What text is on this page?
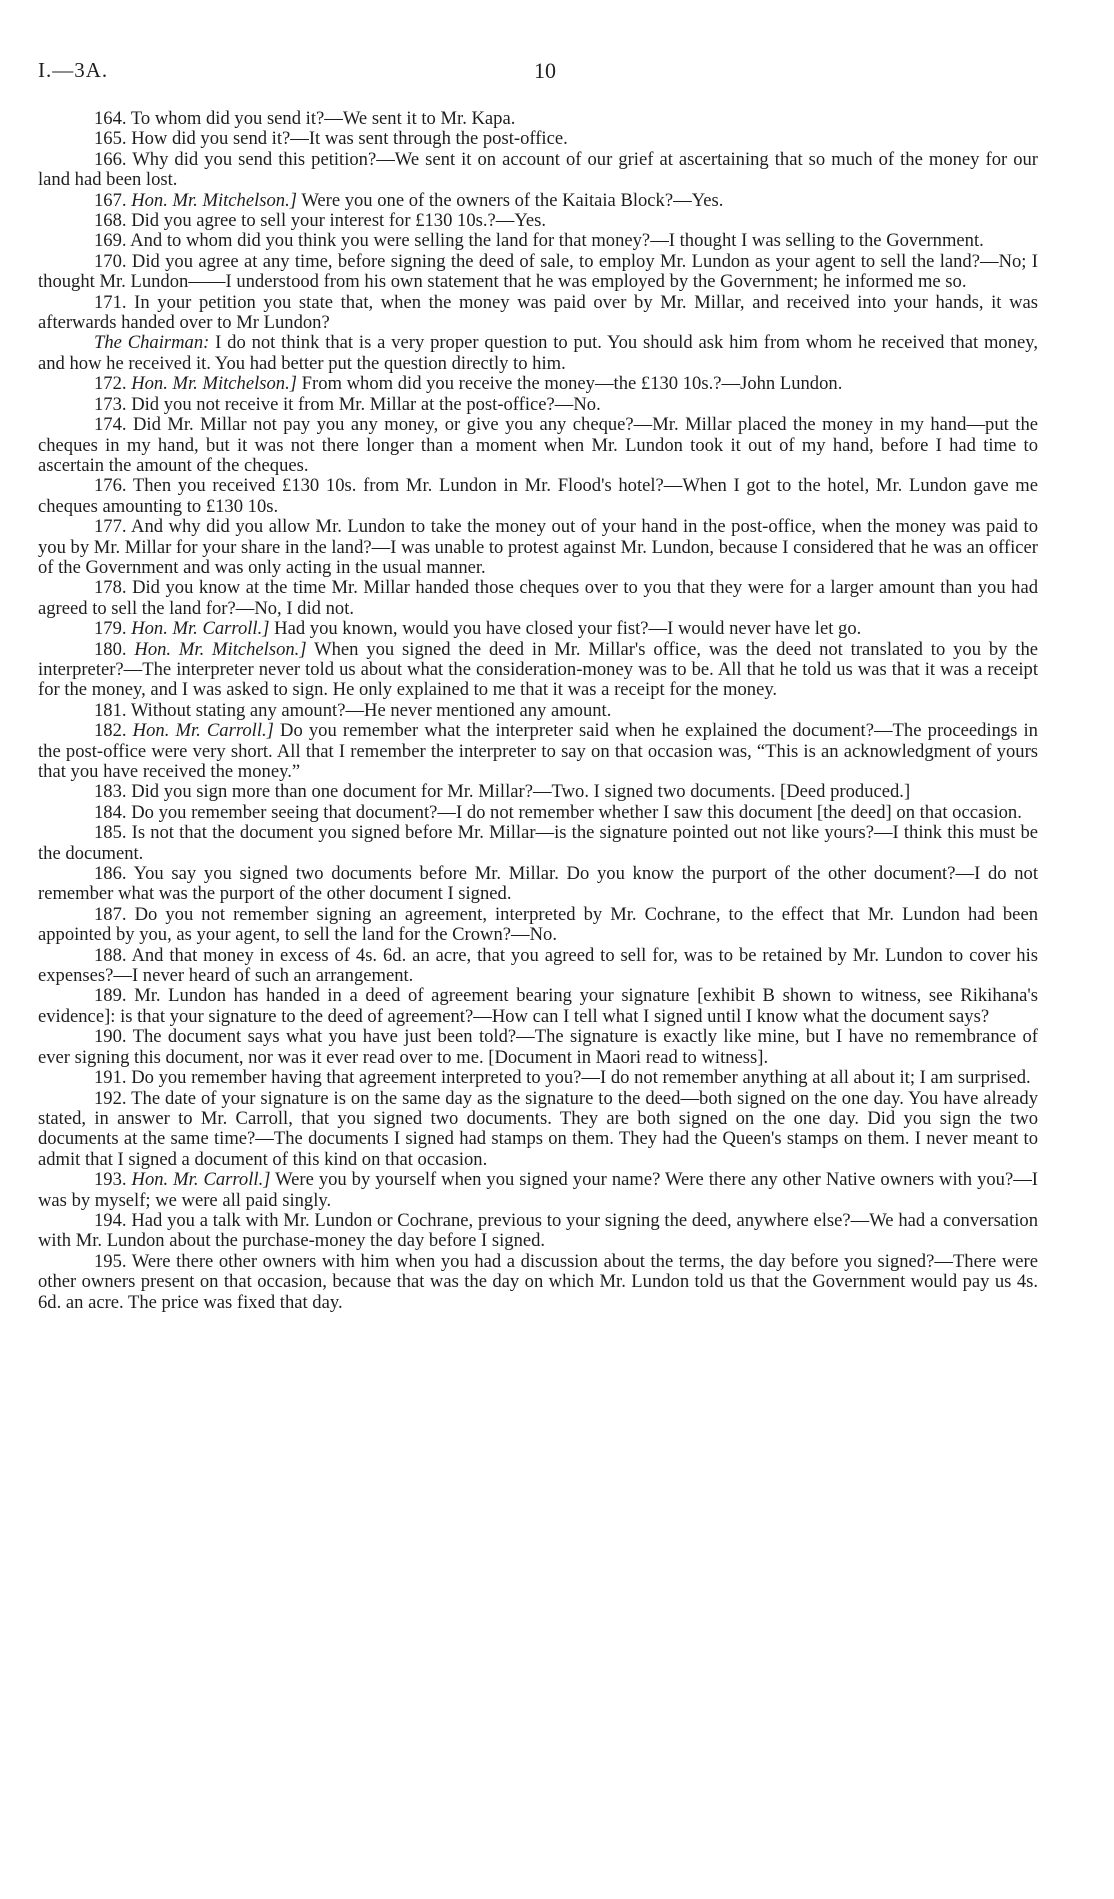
I.—3A.	10

164. To whom did you send it?—We sent it to Mr. Kapa.

165. How did you send it?—It was sent through the post-office.

166. Why did you send this petition?—We sent it on account of our grief at ascertaining that so much of the money for our land had been lost.

167. Hon. Mr. Mitchelson.] Were you one of the owners of the Kaitaia Block?—Yes.

168. Did you agree to sell your interest for £130 10s.?—Yes.

169. And to whom did you think you were selling the land for that money?—I thought I was selling to the Government.

170. Did you agree at any time, before signing the deed of sale, to employ Mr. Lundon as your agent to sell the land?—No; I thought Mr. Lundon——I understood from his own statement that he was employed by the Government; he informed me so.

171. In your petition you state that, when the money was paid over by Mr. Millar, and received into your hands, it was afterwards handed over to Mr Lundon?

The Chairman: I do not think that is a very proper question to put. You should ask him from whom he received that money, and how he received it. You had better put the question directly to him.

172. Hon. Mr. Mitchelson.] From whom did you receive the money—the £130 10s.?—John Lundon.

173. Did you not receive it from Mr. Millar at the post-office?—No.

174. Did Mr. Millar not pay you any money, or give you any cheque?—Mr. Millar placed the money in my hand—put the cheques in my hand, but it was not there longer than a moment when Mr. Lundon took it out of my hand, before I had time to ascertain the amount of the cheques.

176. Then you received £130 10s. from Mr. Lundon in Mr. Flood's hotel?—When I got to the hotel, Mr. Lundon gave me cheques amounting to £130 10s.

177. And why did you allow Mr. Lundon to take the money out of your hand in the post-office, when the money was paid to you by Mr. Millar for your share in the land?—I was unable to protest against Mr. Lundon, because I considered that he was an officer of the Government and was only acting in the usual manner.

178. Did you know at the time Mr. Millar handed those cheques over to you that they were for a larger amount than you had agreed to sell the land for?—No, I did not.

179. Hon. Mr. Carroll.] Had you known, would you have closed your fist?—I would never have let go.

180. Hon. Mr. Mitchelson.] When you signed the deed in Mr. Millar's office, was the deed not translated to you by the interpreter?—The interpreter never told us about what the consideration-money was to be. All that he told us was that it was a receipt for the money, and I was asked to sign. He only explained to me that it was a receipt for the money.

181. Without stating any amount?—He never mentioned any amount.

182. Hon. Mr. Carroll.] Do you remember what the interpreter said when he explained the document?—The proceedings in the post-office were very short. All that I remember the interpreter to say on that occasion was, “This is an acknowledgment of yours that you have received the money.”

183. Did you sign more than one document for Mr. Millar?—Two. I signed two documents. [Deed produced.]

184. Do you remember seeing that document?—I do not remember whether I saw this document [the deed] on that occasion.

185. Is not that the document you signed before Mr. Millar—is the signature pointed out not like yours?—I think this must be the document.

186. You say you signed two documents before Mr. Millar. Do you know the purport of the other document?—I do not remember what was the purport of the other document I signed.

187. Do you not remember signing an agreement, interpreted by Mr. Cochrane, to the effect that Mr. Lundon had been appointed by you, as your agent, to sell the land for the Crown?—No.

188. And that money in excess of 4s. 6d. an acre, that you agreed to sell for, was to be retained by Mr. Lundon to cover his expenses?—I never heard of such an arrangement.

189. Mr. Lundon has handed in a deed of agreement bearing your signature [exhibit B shown to witness, see Rikihana's evidence]: is that your signature to the deed of agreement?—How can I tell what I signed until I know what the document says?

190. The document says what you have just been told?—The signature is exactly like mine, but I have no remembrance of ever signing this document, nor was it ever read over to me. [Document in Maori read to witness].

191. Do you remember having that agreement interpreted to you?—I do not remember anything at all about it; I am surprised.

192. The date of your signature is on the same day as the signature to the deed—both signed on the one day. You have already stated, in answer to Mr. Carroll, that you signed two documents. They are both signed on the one day. Did you sign the two documents at the same time?—The documents I signed had stamps on them. They had the Queen's stamps on them. I never meant to admit that I signed a document of this kind on that occasion.

193. Hon. Mr. Carroll.] Were you by yourself when you signed your name? Were there any other Native owners with you?—I was by myself; we were all paid singly.

194. Had you a talk with Mr. Lundon or Cochrane, previous to your signing the deed, anywhere else?—We had a conversation with Mr. Lundon about the purchase-money the day before I signed.

195. Were there other owners with him when you had a discussion about the terms, the day before you signed?—There were other owners present on that occasion, because that was the day on which Mr. Lundon told us that the Government would pay us 4s. 6d. an acre. The price was fixed that day.
